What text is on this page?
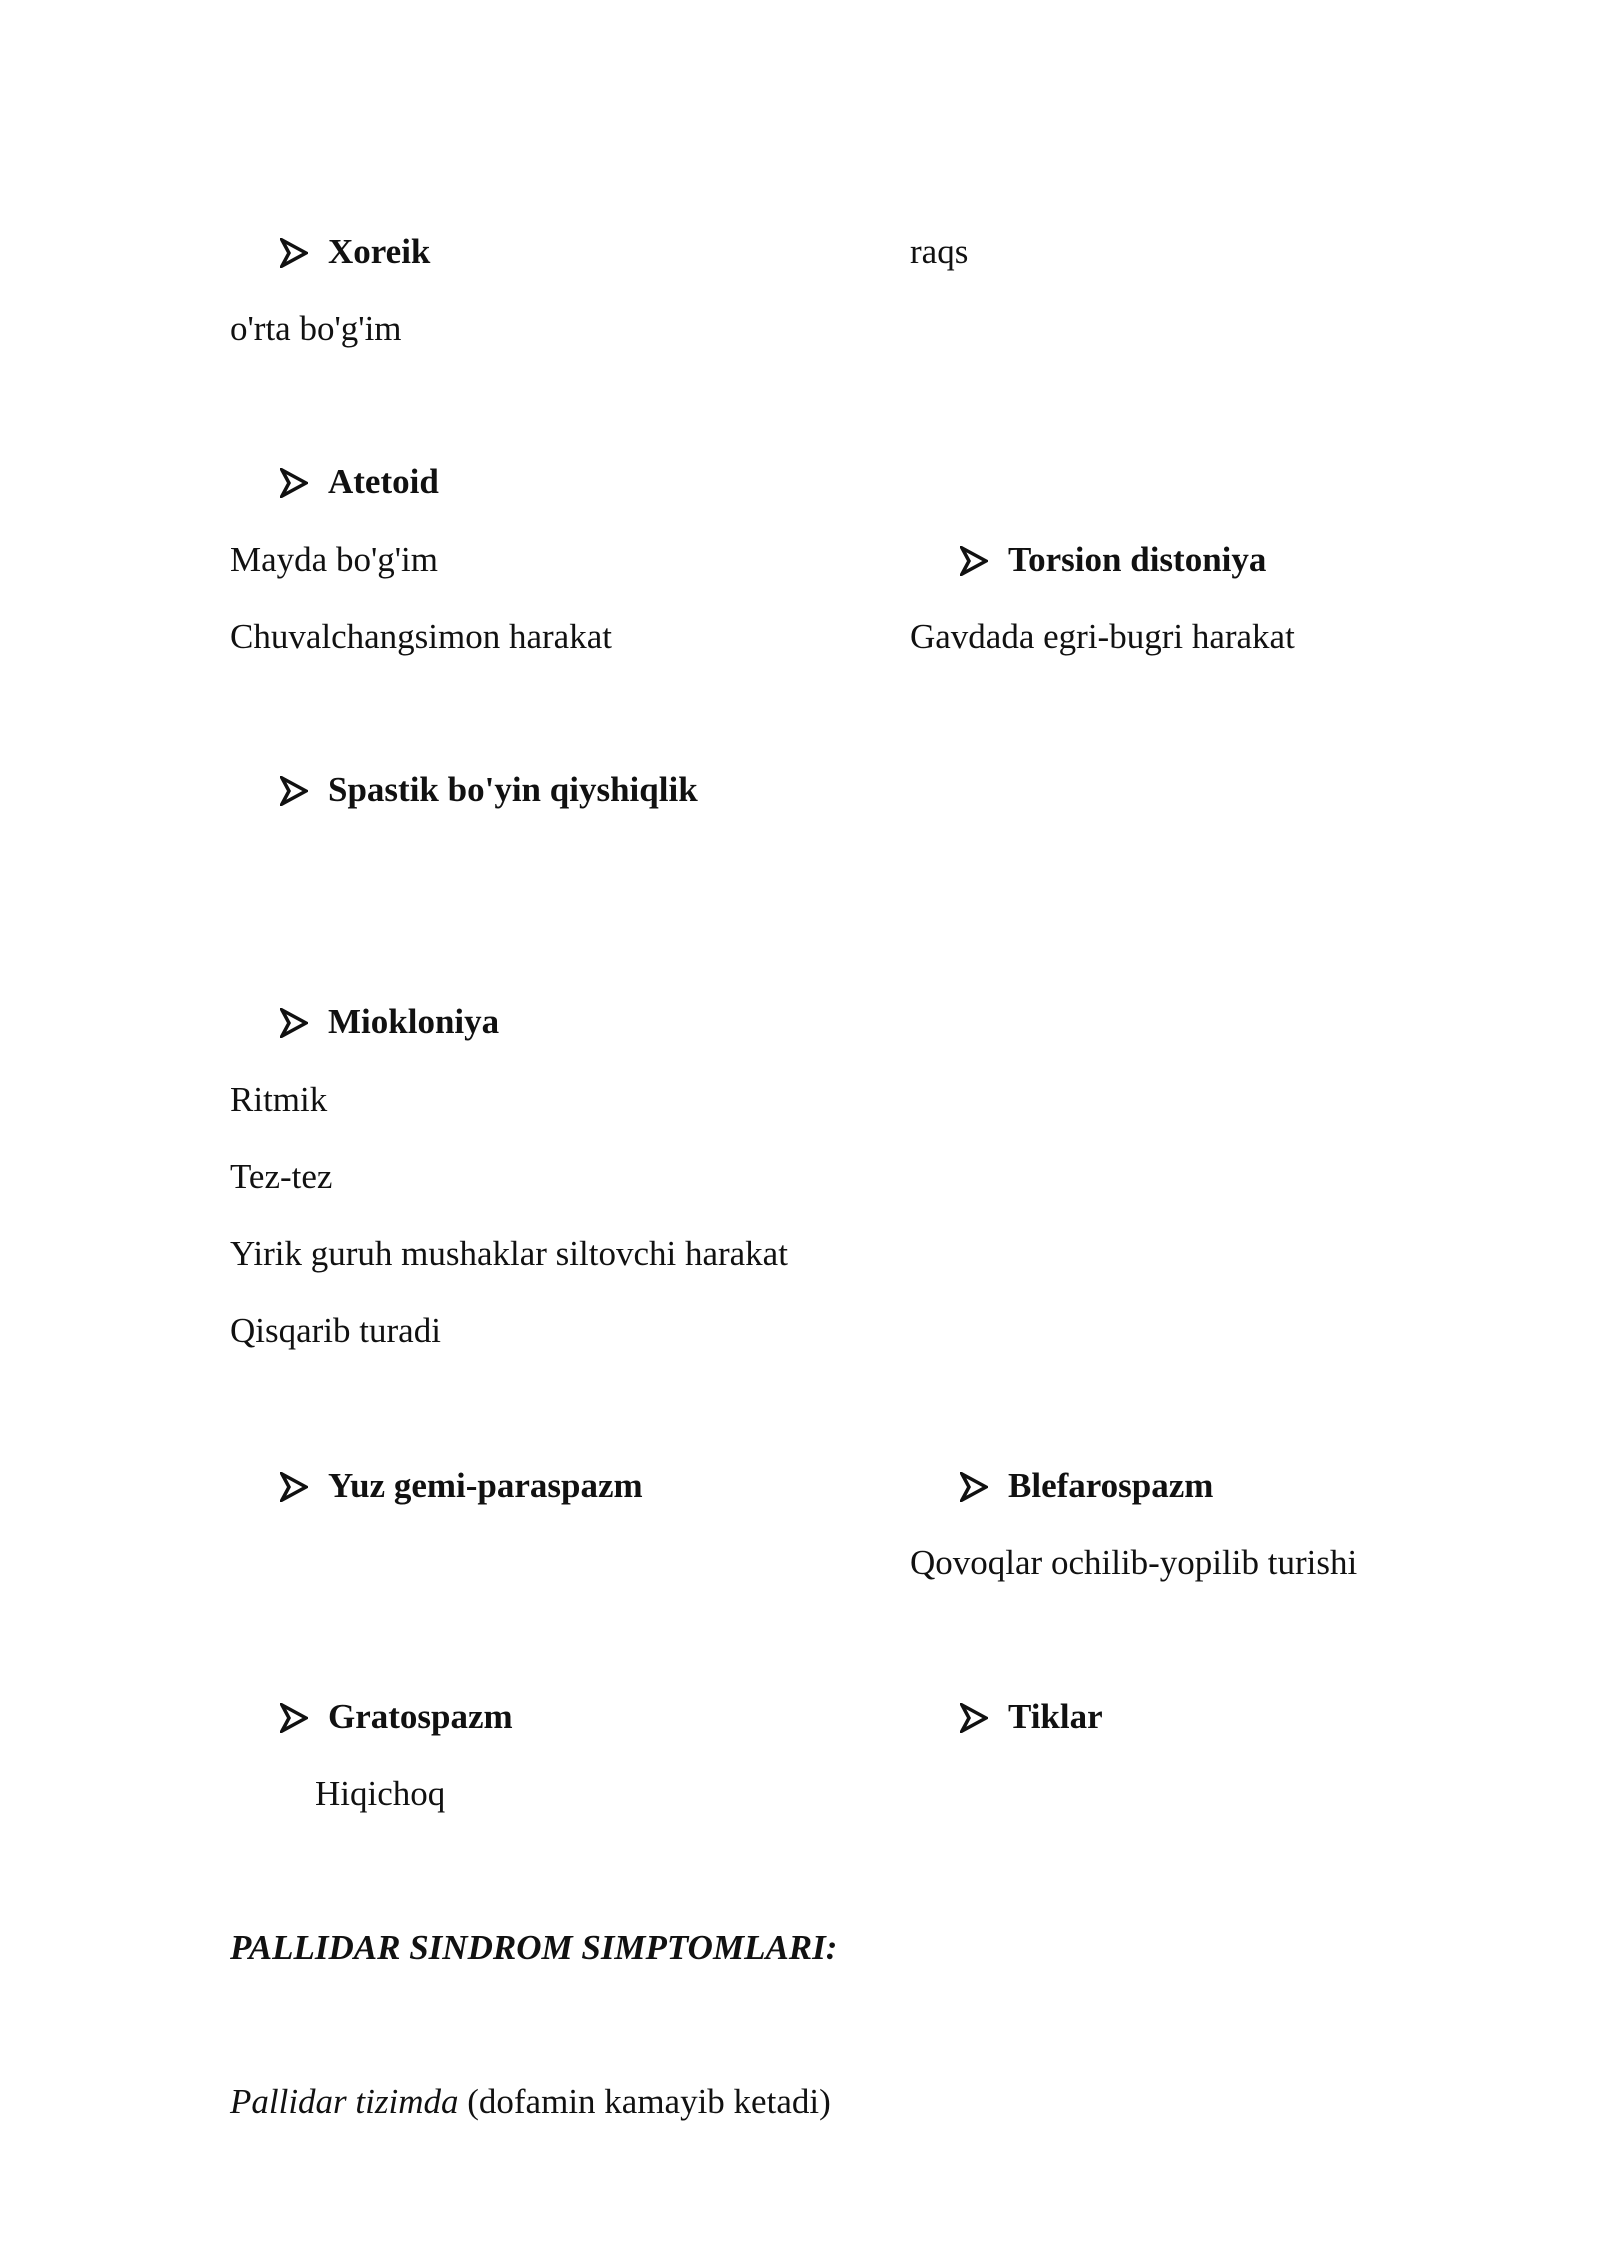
Xoreik	raqs
o'rta bo'g'im
Atetoid
Mayda bo'g'im
Chuvalchangsimon harakat
Torsion distoniya
Gavdada egri-bugri harakat
Spastik bo'yin qiyshiqlik
Miokloniya
Ritmik
Tez-tez
Yirik guruh mushaklar siltovchi harakat
Qisqarib turadi
Yuz gemi-paraspazm	Blefarospazm
Qovoqlar ochilib-yopilib turishi
Gratospazm
Hiqichoq
Tiklar
PALLIDAR SINDROM SIMPTOMLARI:
Pallidar tizimda (dofamin kamayib ketadi)
